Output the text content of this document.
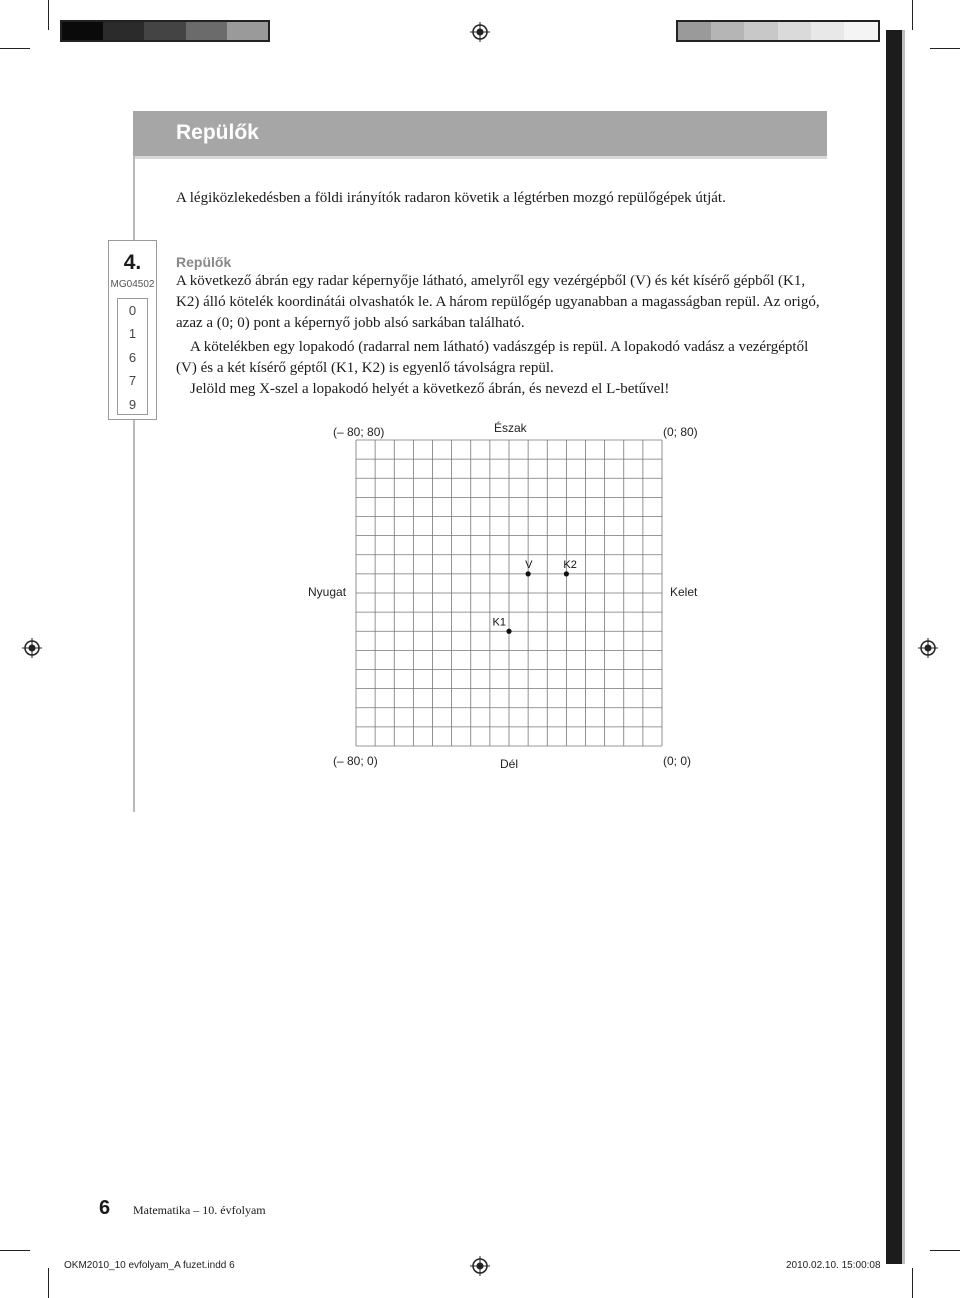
Repülők
A légiközlekedésben a földi irányítók radaron követik a légtérben mozgó repülőgépek útját.
4.
MG04502
0
1
6
7
9
Repülők
A következő ábrán egy radar képernyője látható, amelyről egy vezérgépből (V) és két kísérő gépből (K1, K2) álló kötelék koordinátái olvashatók le. A három repülőgép ugyanabban a magasságban repül. Az origó, azaz a (0; 0) pont a képernyő jobb alsó sarkában található.
A kötelékben egy lopakodó (radarral nem látható) vadászgép is repül. A lopakodó vadász a vezérgéptől (V) és a két kísérő géptől (K1, K2) is egyenlő távolságra repül.
Jelöld meg X-szel a lopakodó helyét a következő ábrán, és nevezd el L-betűvel!
(– 80; 80)	Észak	(0; 80)
Nyugat	Kelet
(– 80; 0)	Dél	(0; 0)
V	K2
K1
6 Matematika – 10. évfolyam
OKM2010_10 evfolyam_A fuzet.indd 6	2010.02.10. 15:00:08
